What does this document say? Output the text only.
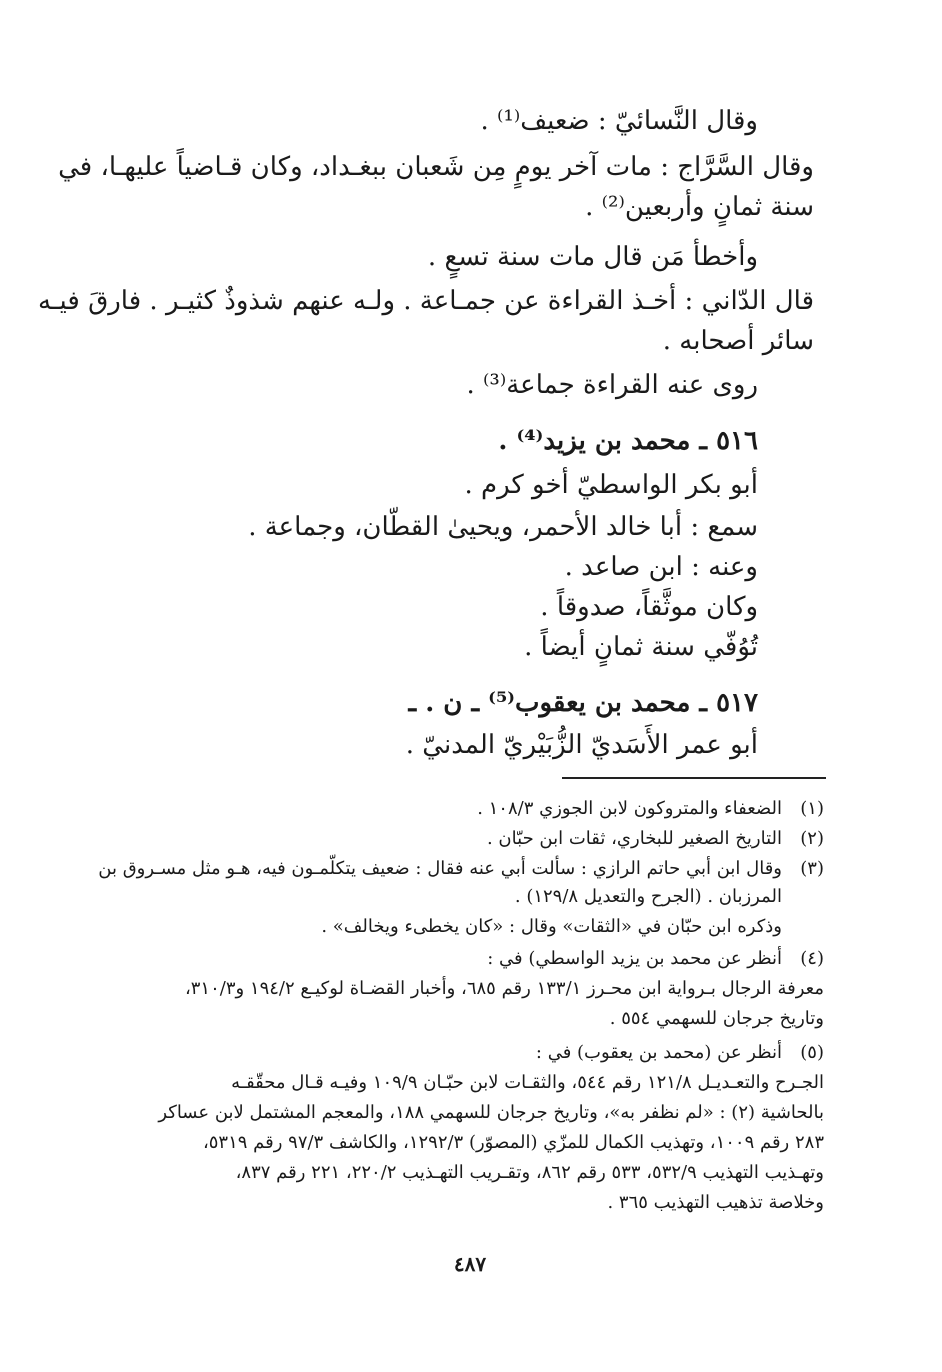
وقال النَّسائيّ : ضعيف⁽¹⁾ .
وقال السَّرَّاج : مات آخر يومٍ مِن شَعبان ببغـداد، وكان قـاضياً عليهـا، في
سنة ثمانٍ وأربعين⁽²⁾ .
وأخطأ مَن قال مات سنة تسعٍ .
قال الدّاني : أخـذ القراءة عن جمـاعة . ولـه عنهم شذوذٌ كثيـر . فارقَ فيـه
سائر أصحابه .
روى عنه القراءة جماعة⁽³⁾ .
٥١٦ ـ محمد بن يزيد⁽⁴⁾ .
أبو بكر الواسطيّ أخو كرم .
سمع : أبا خالد الأحمر، ويحيىٰ القطّان، وجماعة .
وعنه : ابن صاعد .
وكان موثَّقاً، صدوقاً .
تُوُفّي سنة ثمانٍ أيضاً .
٥١٧ ـ محمد بن يعقوب⁽⁵⁾ ـ ن . ـ
أبو عمر الأَسَديّ الزُّبَيْريّ المدنيّ .
(١)
الضعفاء والمتروكون لابن الجوزي ١٠٨/٣ .
(٢)
التاريخ الصغير للبخاري، ثقات ابن حبّان .
(٣)
وقال ابن أبي حاتم الرازي : سألت أبي عنه فقال : ضعيف يتكلّمـون فيه، هـو مثل مسـروق بن
المرزبان . (الجرح والتعديل ١٢٩/٨) .
وذكره ابن حبّان في «الثقات» وقال : «كان يخطىء ويخالف» .
(٤)
أنظر عن محمد بن يزيد الواسطي) في :
معرفة الرجال بـرواية ابن محـرز ١٣٣/١ رقم ٦٨٥، وأخبار القضـاة لوكيـع ١٩٤/٢ و٣١٠/٣،
وتاريخ جرجان للسهمي ٥٥٤ .
(٥)
أنظر عن (محمد بن يعقوب) في :
الجـرح والتعـديـل ١٢١/٨ رقم ٥٤٤، والثقـات لابن حبّـان ١٠٩/٩ وفيـه قـال محقّقـه
بالحاشية (٢) : «لم نظفر به»، وتاريخ جرجان للسهمي ١٨٨، والمعجم المشتمل لابن عساكر
٢٨٣ رقم ١٠٠٩، وتهذيب الكمال للمزّي (المصوّر) ١٢٩٢/٣، والكاشف ٩٧/٣ رقم ٥٣١٩،
وتهـذيب التهذيب ٥٣٢/٩، ٥٣٣ رقم ٨٦٢، وتقـريب التهـذيب ٢٢٠/٢، ٢٢١ رقم ٨٣٧،
وخلاصة تذهيب التهذيب ٣٦٥ .
٤٨٧
